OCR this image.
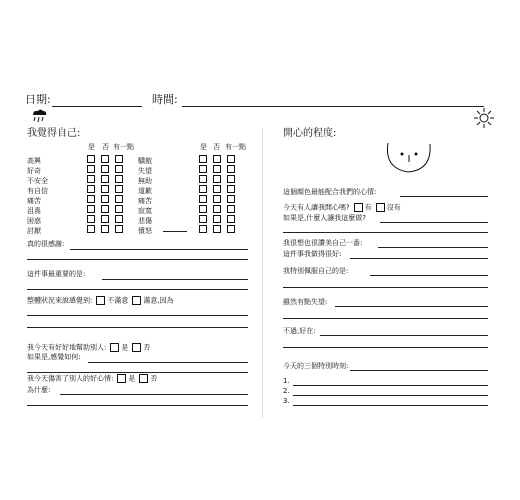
日期:	時間:
我覺得自己:
是 否 有一點	是 否 有一點
高興
好奇
不安全
有自信
痛苦
沮喪
困惑
討厭
驕傲
失望
無助
道歉
痛苦
寂寞
悲傷
憤怒
真的很感謝:
這件事最重要的是:
整體狀況來說感覺到: 不滿意 滿意,因為
我今天有好好地幫助別人: 是 否
如果是,感覺如何:
我今天傷害了別人的好心情: 是 否
為什麼:
開心的程度:
這個顏色最能配合我們的心情:
今天有人讓我開心嗎? 有 沒有
如果是,什麼人讓我這麼做?
我很想也很讚美自己一番:
這件事我做得很好:
我特別佩服自己的是:
雖然有點失望:
不過,好在:
今天的三個特別時刻:
1.
2.
3.
